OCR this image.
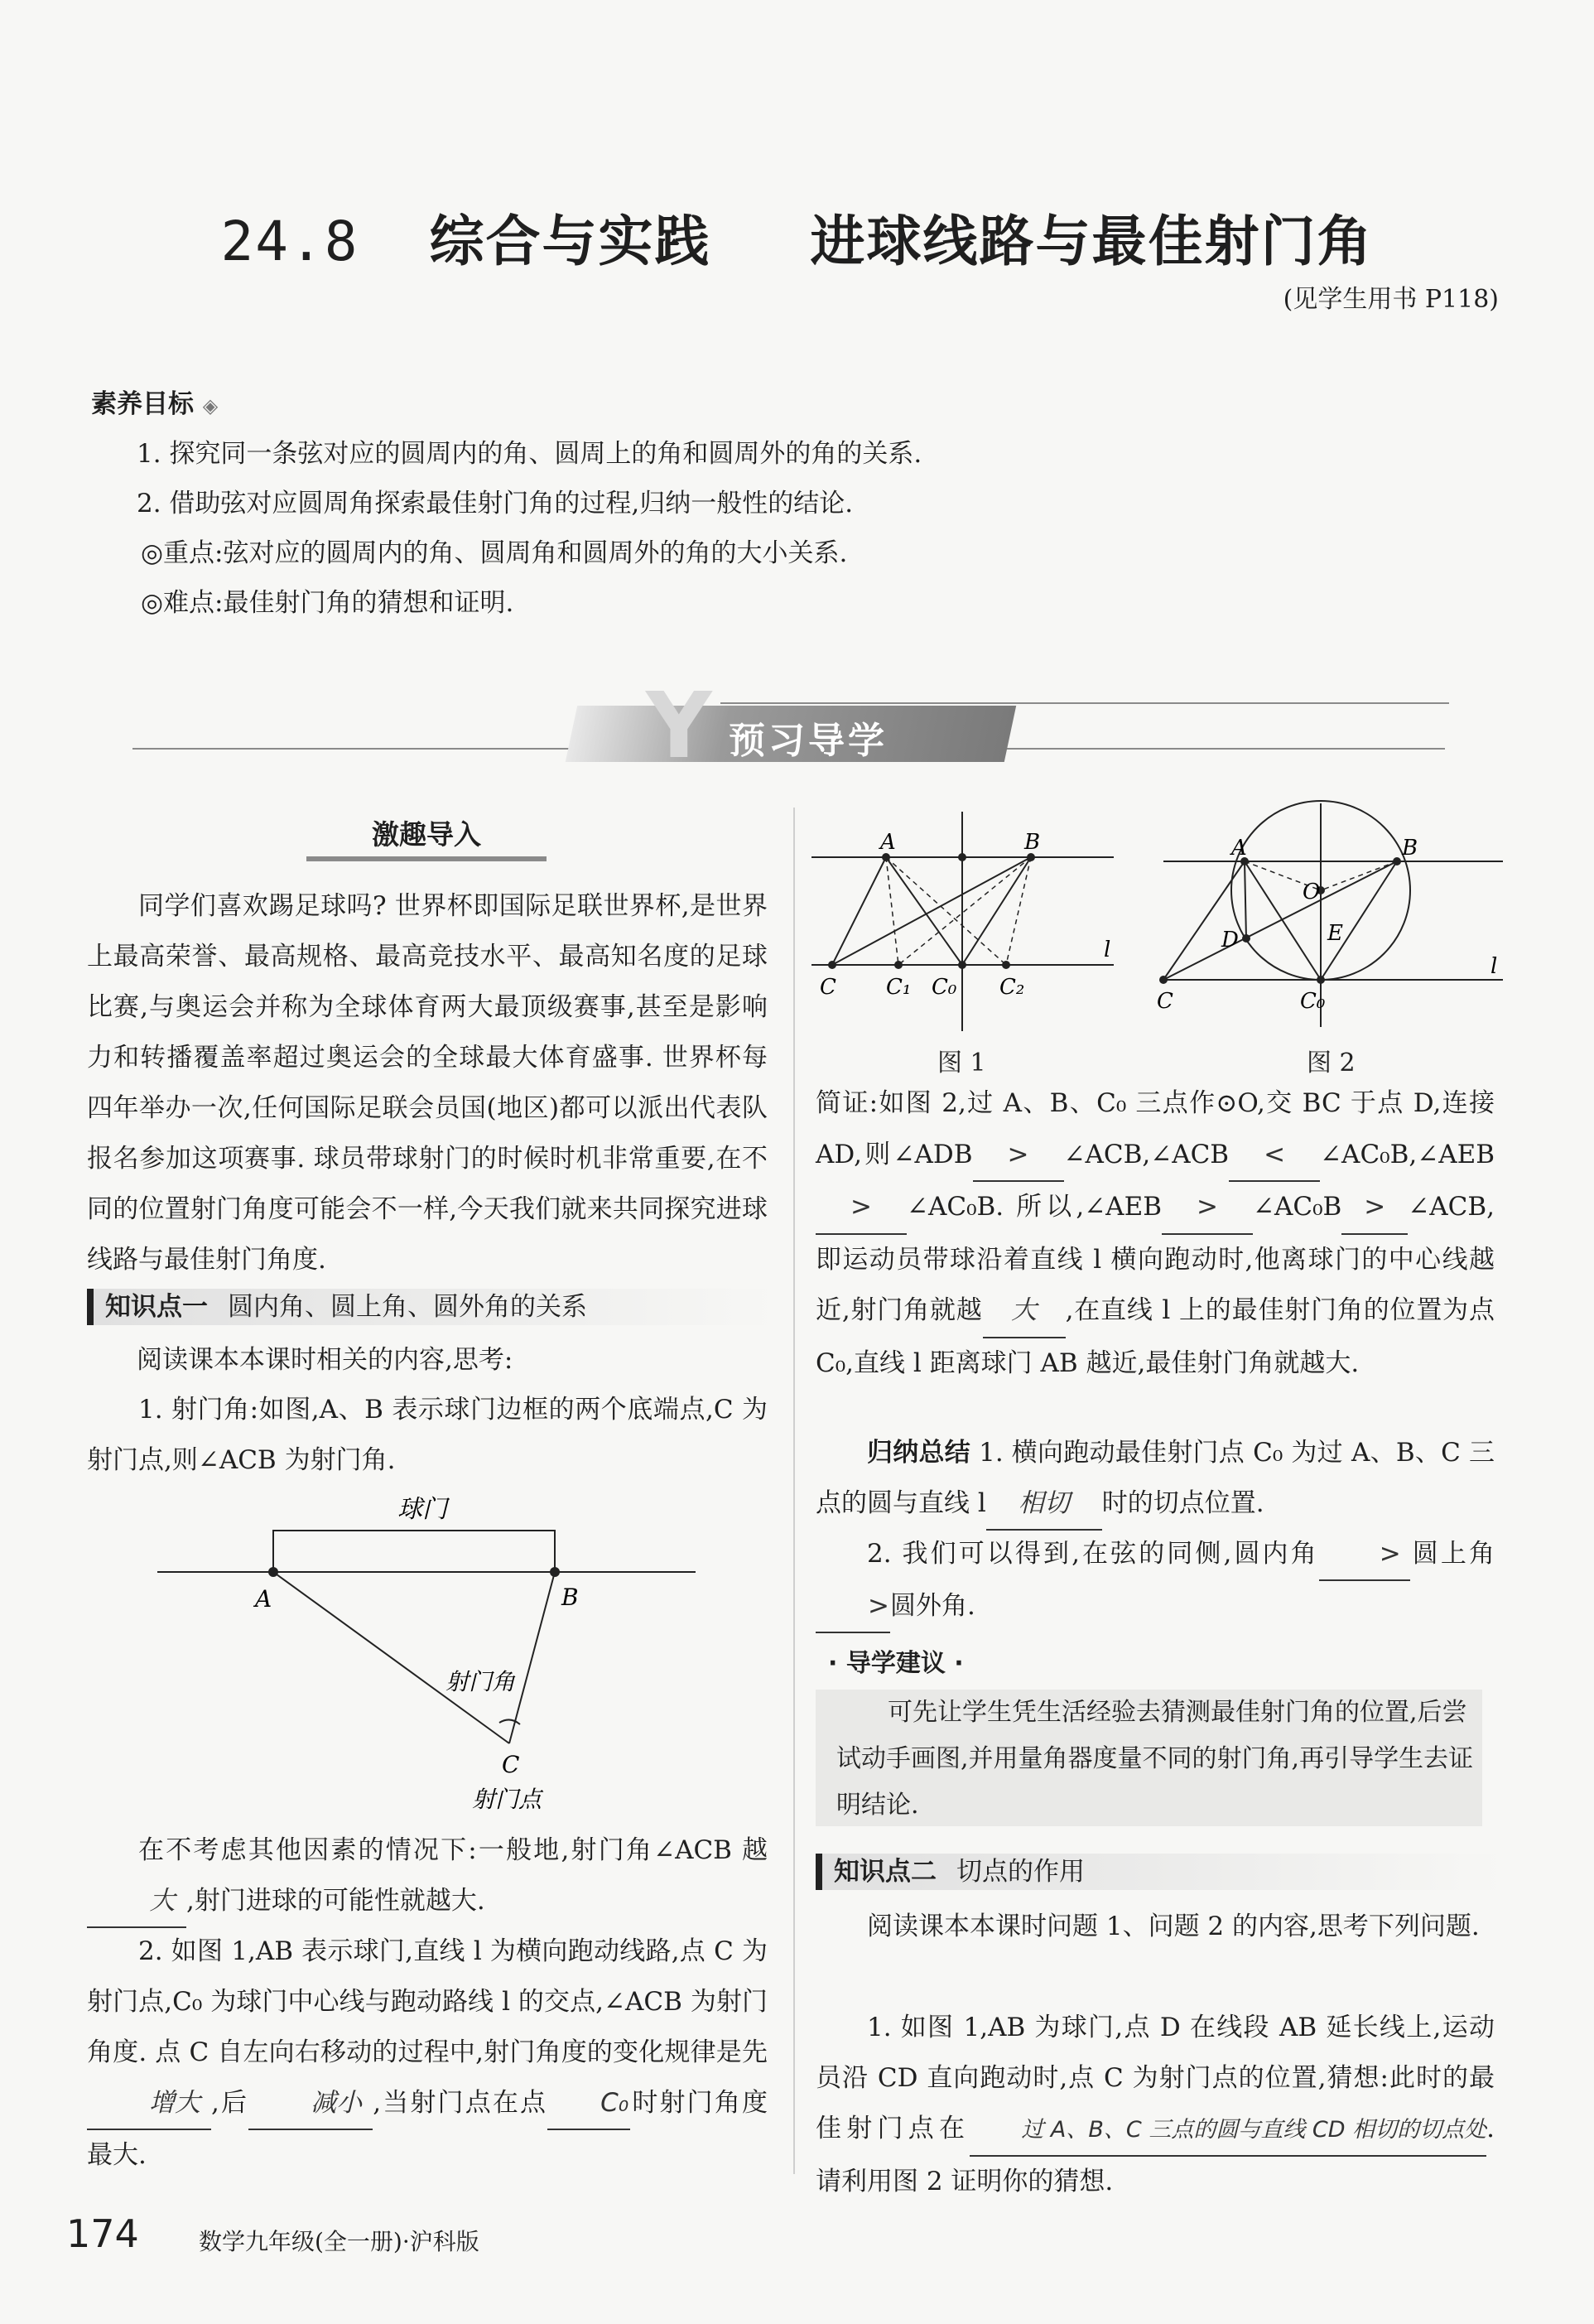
24.8 综合与实践 进球线路与最佳射门角
(见学生用书 P118)
素养目标 ◈
1. 探究同一条弦对应的圆周内的角、圆周上的角和圆周外的角的关系.
2. 借助弦对应圆周角探索最佳射门角的过程,归纳一般性的结论.
◎重点:弦对应的圆周内的角、圆周角和圆周外的角的大小关系.
◎难点:最佳射门角的猜想和证明.
Y 预习导学
激趣导入
同学们喜欢踢足球吗? 世界杯即国际足联世界杯,是世界上最高荣誉、最高规格、最高竞技水平、最高知名度的足球比赛,与奥运会并称为全球体育两大最顶级赛事,甚至是影响力和转播覆盖率超过奥运会的全球最大体育盛事. 世界杯每四年举办一次,任何国际足联会员国(地区)都可以派出代表队报名参加这项赛事. 球员带球射门的时候时机非常重要,在不同的位置射门角度可能会不一样,今天我们就来共同探究进球线路与最佳射门角度.
知识点一 圆内角、圆上角、圆外角的关系
阅读课本本课时相关的内容,思考:
1. 射门角:如图,A、B 表示球门边框的两个底端点,C 为射门点,则∠ACB 为射门角.
球门
A	B
C
射门角
射门点
在不考虑其他因素的情况下:一般地,射门角∠ACB 越大 ,射门进球的可能性就越大.
2. 如图 1,AB 表示球门,直线 l 为横向跑动线路,点 C 为射门点,C₀ 为球门中心线与跑动路线 l 的交点,∠ACB 为射门角度. 点 C 自左向右移动的过程中,射门角度的变化规律是先增大 ,后 减小 ,当射门点在点 C₀时射门角度最大.
A	B
C C₁ C₀ C₂
l
图 1
A	B
O
D	E
C	C₀
l
图 2
简证:如图 2,过 A、B、C₀ 三点作⊙O,交 BC 于点 D,连接 AD,则∠ADB > ∠ACB,∠ACB < ∠AC₀B,∠AEB> ∠AC₀B. 所以,∠AEB > ∠AC₀B > ∠ACB,即运动员带球沿着直线 l 横向跑动时,他离球门的中心线越近,射门角就越 大 ,在直线 l 上的最佳射门角的位置为点 C₀,直线 l 距离球门 AB 越近,最佳射门角就越大.
归纳总结 1. 横向跑动最佳射门点 C₀ 为过 A、B、C 三点的圆与直线 l 相切 时的切点位置.
2. 我们可以得到,在弦的同侧,圆内角 > 圆上角>圆外角.
· 导学建议 ·
可先让学生凭生活经验去猜测最佳射门角的位置,后尝试动手画图,并用量角器度量不同的射门角,再引导学生去证明结论.
知识点二 切点的作用
阅读课本本课时问题 1、问题 2 的内容,思考下列问题.
1. 如图 1,AB 为球门,点 D 在线段 AB 延长线上,运动员沿 CD 直向跑动时,点 C 为射门点的位置,猜想:此时的最佳射门点在 过 A、B、C 三点的圆与直线 CD 相切的切点处. 请利用图 2 证明你的猜想.
174	数学九年级(全一册)·沪科版
